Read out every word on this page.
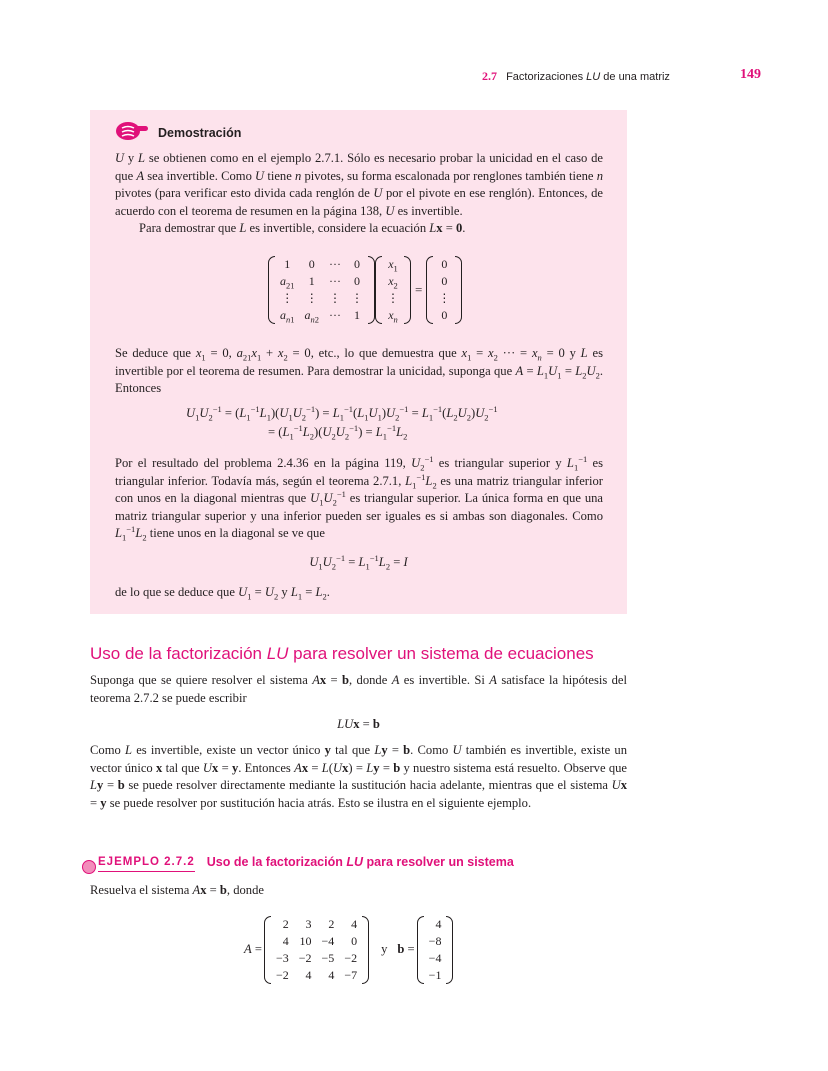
2.7 Factorizaciones LU de una matriz	149
Demostración
U y L se obtienen como en el ejemplo 2.7.1. Sólo es necesario probar la unicidad en el caso de que A sea invertible. Como U tiene n pivotes, su forma escalonada por renglones también tiene n pivotes (para verificar esto divida cada renglón de U por el pivote en ese renglón). Entonces, de acuerdo con el teorema de resumen en la página 138, U es invertible.
Para demostrar que L es invertible, considere la ecuación Lx = 0.
1	0	···	0
$a_{21}$	1	···	0
⋮	⋮	⋮	⋮
$a_{n1}$	$a_{n2}$	···	1
$x_1$
$x_2$
⋮
$x_n$
=
0
0
⋮
0
Se deduce que $x_1 = 0$, $a_{21}x_1 + x_2 = 0$, etc., lo que demuestra que $x_1 = x_2$ ··· = $x_n = 0$ y L es invertible por el teorema de resumen. Para demostrar la unicidad, suponga que $A = L_1U_1 = L_2U_2$. Entonces
$U_1U_2^{-1} = (L_1^{-1}L_1)(U_1U_2^{-1}) = L_1^{-1}(L_1U_1)U_2^{-1} = L_1^{-1}(L_2U_2)U_2^{-1}$
= $(L_1^{-1}L_2)(U_2U_2^{-1}) = L_1^{-1}L_2$
Por el resultado del problema 2.4.36 en la página 119, $U_2^{-1}$ es triangular superior y $L_1^{-1}$ es triangular inferior. Todavía más, según el teorema 2.7.1, $L_1^{-1}L_2$ es una matriz triangular inferior con unos en la diagonal mientras que $U_1U_2^{-1}$ es triangular superior. La única forma en que una matriz triangular superior y una inferior pueden ser iguales es si ambas son diagonales. Como $L_1^{-1}L_2$ tiene unos en la diagonal se ve que
$U_1U_2^{-1} = L_1^{-1}L_2 = I$
de lo que se deduce que $U_1 = U_2$ y $L_1 = L_2$.
Uso de la factorización LU para resolver un sistema de ecuaciones
Suponga que se quiere resolver el sistema Ax = b, donde A es invertible. Si A satisface la hipótesis del teorema 2.7.2 se puede escribir
LUx = b
Como L es invertible, existe un vector único y tal que Ly = b. Como U también es invertible, existe un vector único x tal que Ux = y. Entonces Ax = L(Ux) = Ly = b y nuestro sistema está resuelto. Observe que Ly = b se puede resolver directamente mediante la sustitución hacia adelante, mientras que el sistema Ux = y se puede resolver por sustitución hacia atrás. Esto se ilustra en el siguiente ejemplo.
EJEMPLO 2.7.2 Uso de la factorización LU para resolver un sistema
Resuelva el sistema Ax = b, donde
A =
2	3	2	4
4	10	−4	0
−3	−2	−5	−2
−2	4	4	−7
y b =
4
−8
−4
−1
